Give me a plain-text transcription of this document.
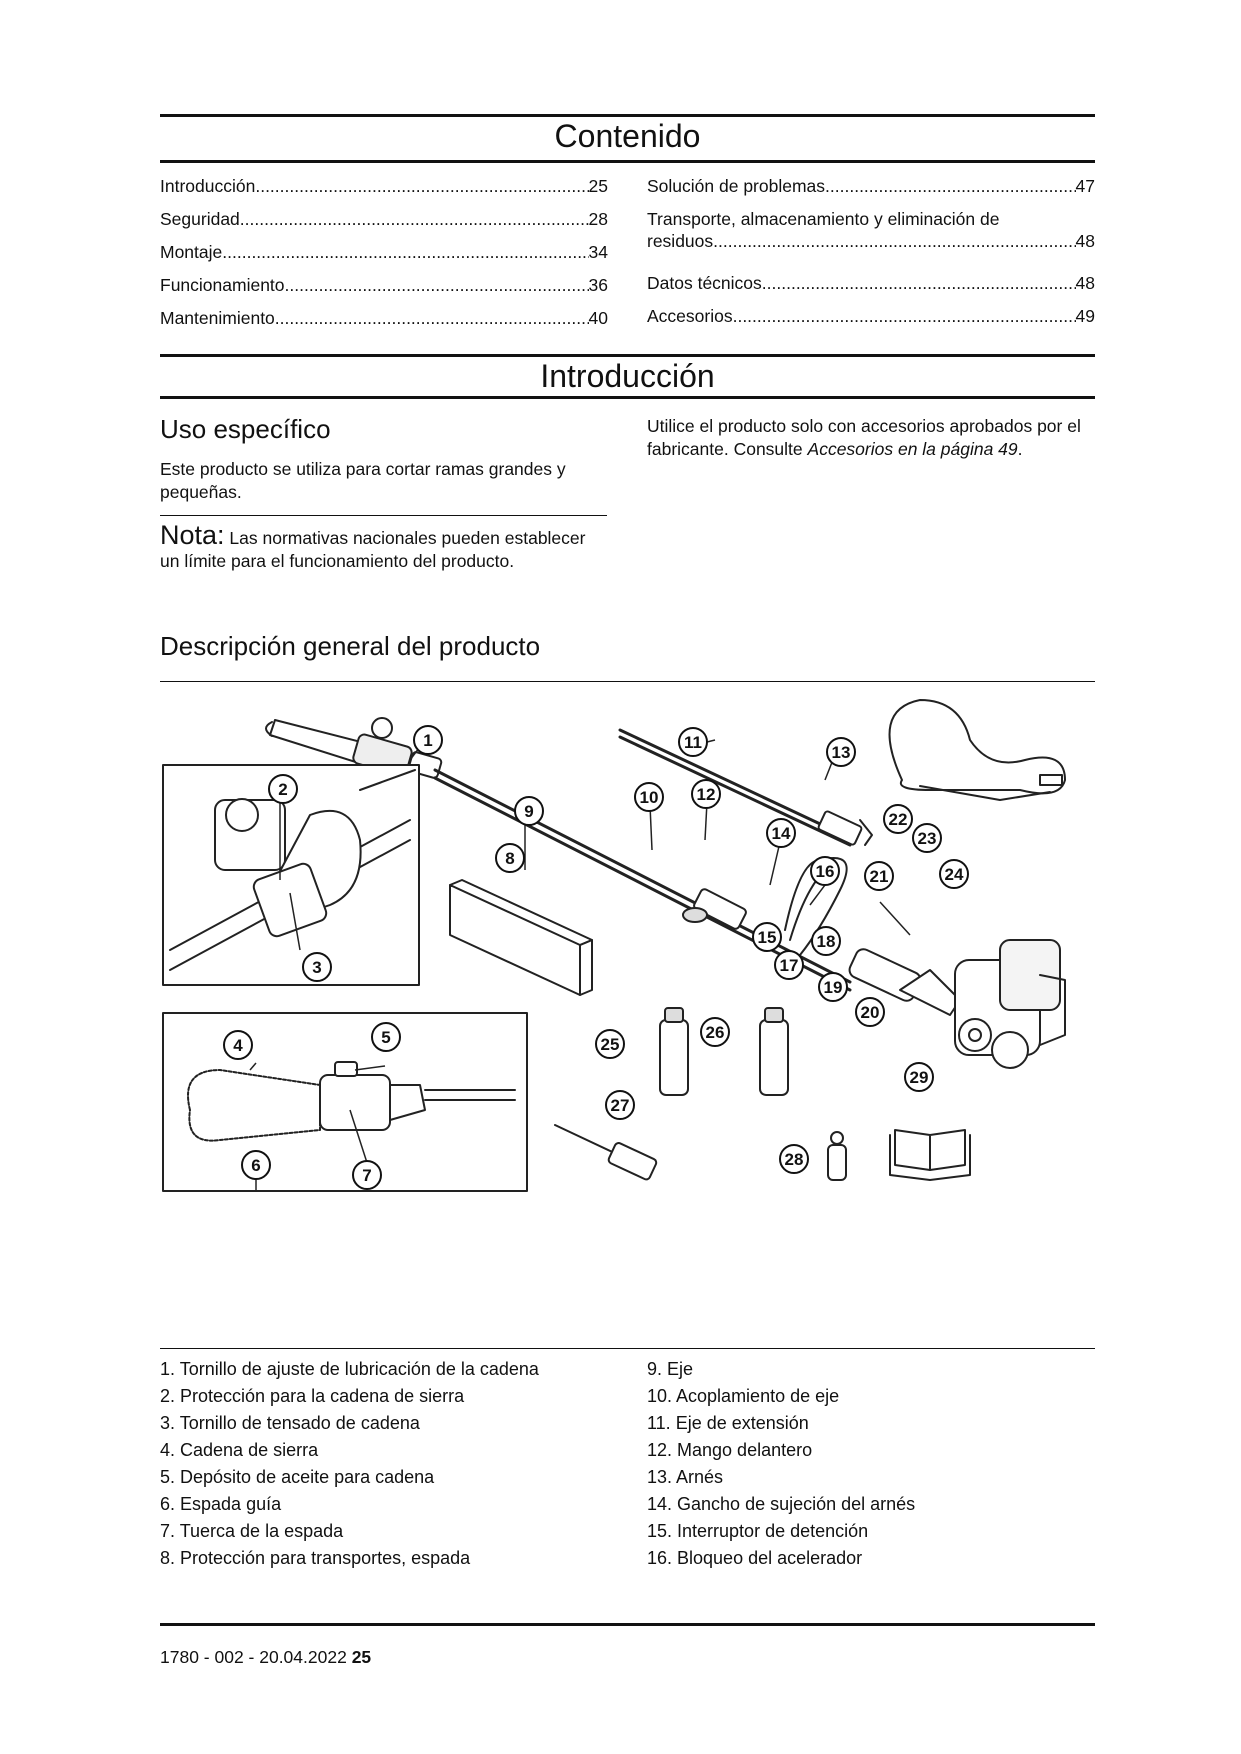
Contenido
Introducción .....	25
Seguridad .....	28
Montaje .....	34
Funcionamiento .....	36
Mantenimiento .....	40
Solución de problemas .....	47
Transporte, almacenamiento y eliminación de
residuos .....	48
Datos técnicos .....	48
Accesorios .....	49
Introducción
Uso específico

Este producto se utiliza para cortar ramas grandes y pequeñas.

Nota: Las normativas nacionales pueden establecer un límite para el funcionamiento del producto.

Utilice el producto solo con accesorios aprobados por el fabricante. Consulte Accesorios en la página 49.

Descripción general del producto
1
2
3
4	5
6
7
8
9
10
11
12
13
14
15
16
17
18
19
20
21
22
23
24
25
26
27
28
29
1. Tornillo de ajuste de lubricación de la cadena
2. Protección para la cadena de sierra
3. Tornillo de tensado de cadena
4. Cadena de sierra
5. Depósito de aceite para cadena
6. Espada guía
7. Tuerca de la espada
8. Protección para transportes, espada
9. Eje
10. Acoplamiento de eje
11. Eje de extensión
12. Mango delantero
13. Arnés
14. Gancho de sujeción del arnés
15. Interruptor de detención
16. Bloqueo del acelerador
1780 - 002 - 20.04.2022 25
